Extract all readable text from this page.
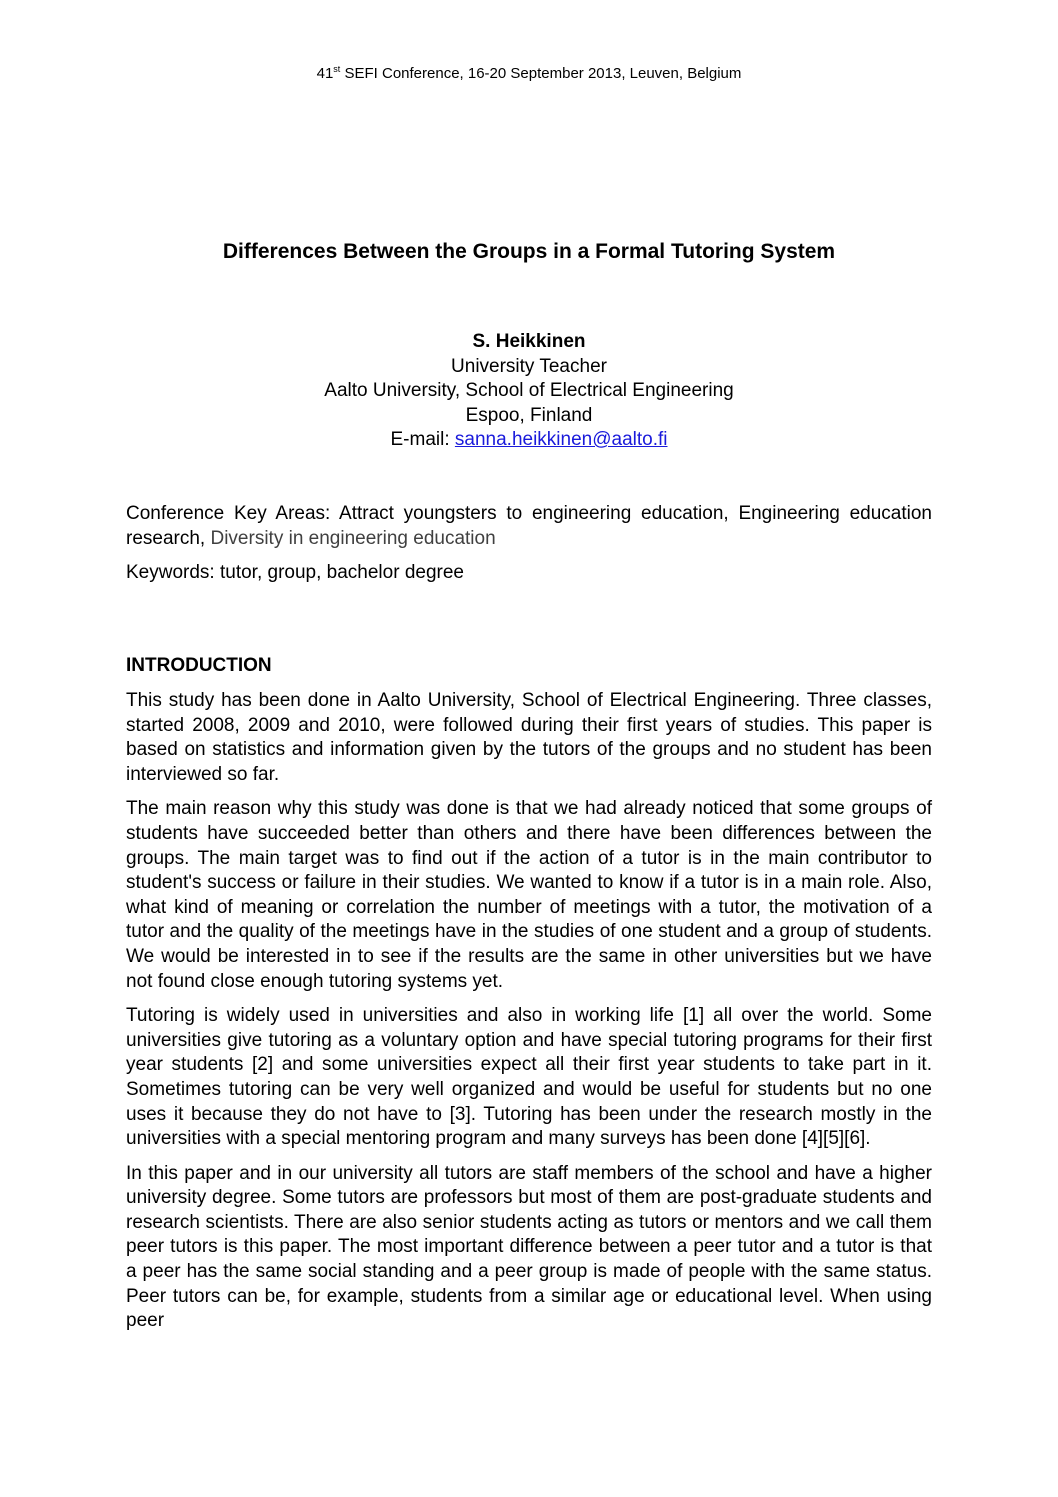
41st SEFI Conference, 16-20 September 2013, Leuven, Belgium
Differences Between the Groups in a Formal Tutoring System
S. Heikkinen
University Teacher
Aalto University, School of Electrical Engineering
Espoo, Finland
E-mail: sanna.heikkinen@aalto.fi
Conference Key Areas: Attract youngsters to engineering education, Engineering education research, Diversity in engineering education
Keywords: tutor, group, bachelor degree
INTRODUCTION

This study has been done in Aalto University, School of Electrical Engineering. Three classes, started 2008, 2009 and 2010, were followed during their first years of studies. This paper is based on statistics and information given by the tutors of the groups and no student has been interviewed so far.

The main reason why this study was done is that we had already noticed that some groups of students have succeeded better than others and there have been differences between the groups. The main target was to find out if the action of a tutor is in the main contributor to student's success or failure in their studies. We wanted to know if a tutor is in a main role. Also, what kind of meaning or correlation the number of meetings with a tutor, the motivation of a tutor and the quality of the meetings have in the studies of one student and a group of students. We would be interested in to see if the results are the same in other universities but we have not found close enough tutoring systems yet.

Tutoring is widely used in universities and also in working life [1] all over the world. Some universities give tutoring as a voluntary option and have special tutoring programs for their first year students [2] and some universities expect all their first year students to take part in it. Sometimes tutoring can be very well organized and would be useful for students but no one uses it because they do not have to [3]. Tutoring has been under the research mostly in the universities with a special mentoring program and many surveys has been done [4][5][6].

In this paper and in our university all tutors are staff members of the school and have a higher university degree. Some tutors are professors but most of them are post-graduate students and research scientists. There are also senior students acting as tutors or mentors and we call them peer tutors is this paper. The most important difference between a peer tutor and a tutor is that a peer has the same social standing and a peer group is made of people with the same status. Peer tutors can be, for example, students from a similar age or educational level. When using peer
